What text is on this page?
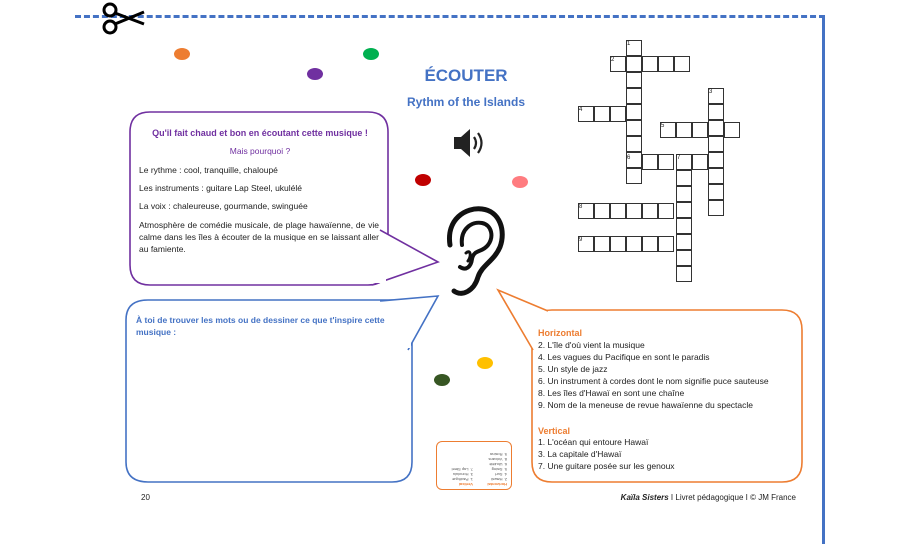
ÉCOUTER
Rythm of the Islands
Qu'il fait chaud et bon en écoutant cette musique !
Mais pourquoi ?
Le rythme : cool, tranquille, chaloupé
Les instruments : guitare Lap Steel, ukulélé
La voix : chaleureuse, gourmande, swinguée
Atmosphère de comédie musicale, de plage hawaïenne, de vie calme dans les îles à écouter de la musique en se laissant aller au famiente.
À toi de trouver les mots ou de dessiner ce que t'inspire cette musique :
1
2
3
4
5
6	7
8
9
Horizontal
2. L'île d'où vient la musique
4. Les vagues du Pacifique en sont le paradis
5. Un style de jazz
6. Un instrument à cordes dont le nom signifie puce sauteuse
8. Les îles d'Hawaï en sont une chaîne
9. Nom de la meneuse de revue hawaïenne du spectacle
Vertical
1. L'océan qui entoure Hawaï
3. La capitale d'Hawaï
7. Une guitare posée sur les genoux
Horizontal
2. Hawaï
4. Surf
5. Swing
6. Ukulélé
8. Volcans
9. Rosina
Vertical
1. Pacifique
3. Honolulu
7. Lap Steel
20	Kaïla Sisters I Livret pédagogique I © JM France
